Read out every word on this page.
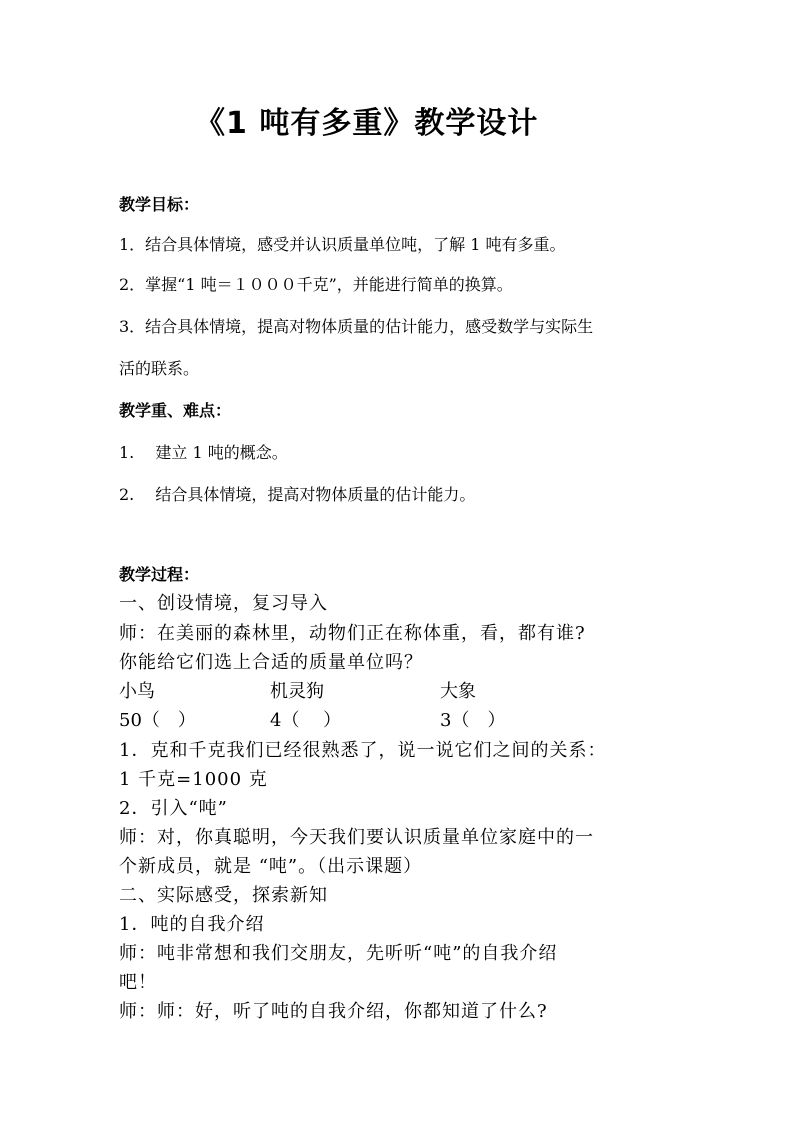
《1 吨有多重》教学设计
教学目标：
1．结合具体情境，感受并认识质量单位吨，了解 1 吨有多重。
2．掌握“1 吨＝１０００千克”，并能进行简单的换算。
3．结合具体情境，提高对物体质量的估计能力，感受数学与实际生
活的联系。
教学重、难点：
1.　 建立 1 吨的概念。
2.　 结合具体情境，提高对物体质量的估计能力。
教学过程：
一、创设情境，复习导入
师：在美丽的森林里，动物们正在称体重，看，都有谁?
你能给它们选上合适的质量单位吗？
小鸟	机灵狗	大象
50（　）	4（　 ）	3（　）
1．克和千克我们已经很熟悉了，说一说它们之间的关系：
1 千克=1000 克
2．引入“吨”
师：对，你真聪明，今天我们要认识质量单位家庭中的一
个新成员，就是 “吨”。（出示课题）
二、实际感受，探索新知
1．吨的自我介绍
师：吨非常想和我们交朋友，先听听“吨”的自我介绍
吧！
师：师：好，听了吨的自我介绍，你都知道了什么?
